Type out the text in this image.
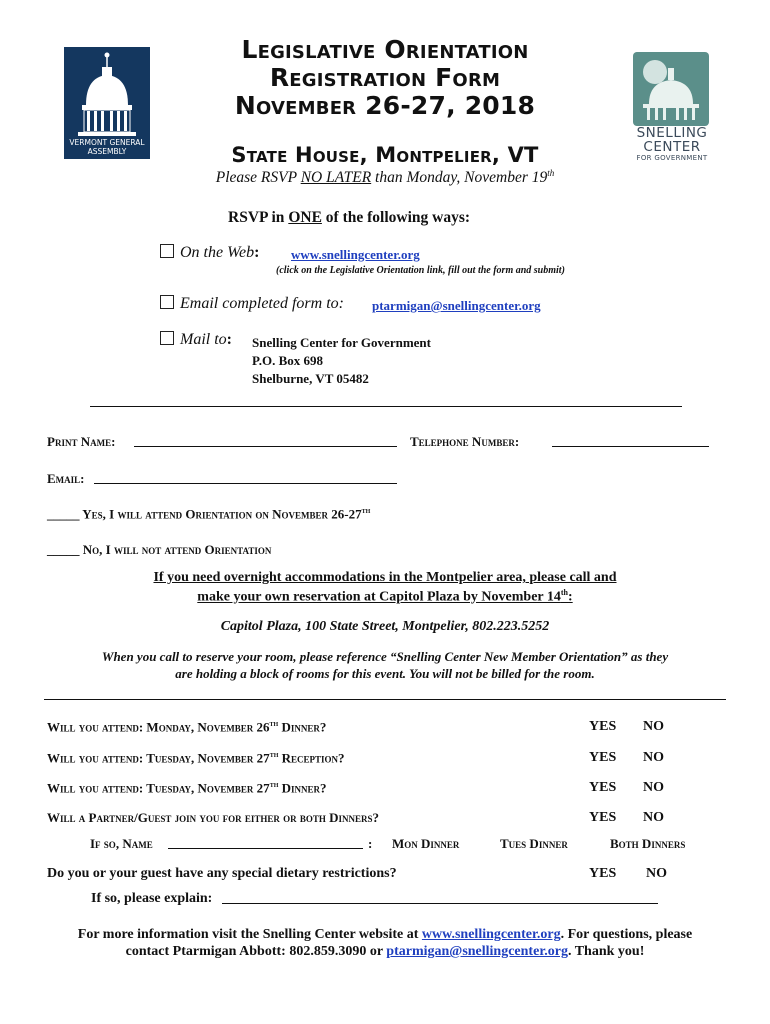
VERMONT GENERAL
ASSEMBLY
SNELLING
CENTER
FOR GOVERNMENT
Legislative Orientation
Registration Form
November 26-27, 2018
State House, Montpelier, VT
Please RSVP NO LATER than Monday, November 19th
RSVP in ONE of the following ways:
On the Web: www.snellingcenter.org
(click on the Legislative Orientation link, fill out the form and submit)
Email completed form to: ptarmigan@snellingcenter.org
Mail to: Snelling Center for Government
P.O. Box 698
Shelburne, VT 05482
Print Name:	Telephone Number:
Email:
_____ Yes, I will attend Orientation on November 26-27th
_____ No, I will not attend Orientation
If you need overnight accommodations in the Montpelier area, please call and
make your own reservation at Capitol Plaza by November 14th:
Capitol Plaza, 100 State Street, Montpelier, 802.223.5252
When you call to reserve your room, please reference “Snelling Center New Member Orientation” as they
are holding a block of rooms for this event. You will not be billed for the room.
Will you attend: Monday, November 26th Dinner?	YES NO
Will you attend: Tuesday, November 27th Reception?	YES NO
Will you attend: Tuesday, November 27th Dinner?	YES NO
Will a Partner/Guest join you for either or both Dinners?	YES NO
If so, Name	: Mon Dinner	Tues Dinner	Both Dinners
Do you or your guest have any special dietary restrictions?	YES NO
If so, please explain:
For more information visit the Snelling Center website at www.snellingcenter.org. For questions, please
contact Ptarmigan Abbott: 802.859.3090 or ptarmigan@snellingcenter.org. Thank you!
